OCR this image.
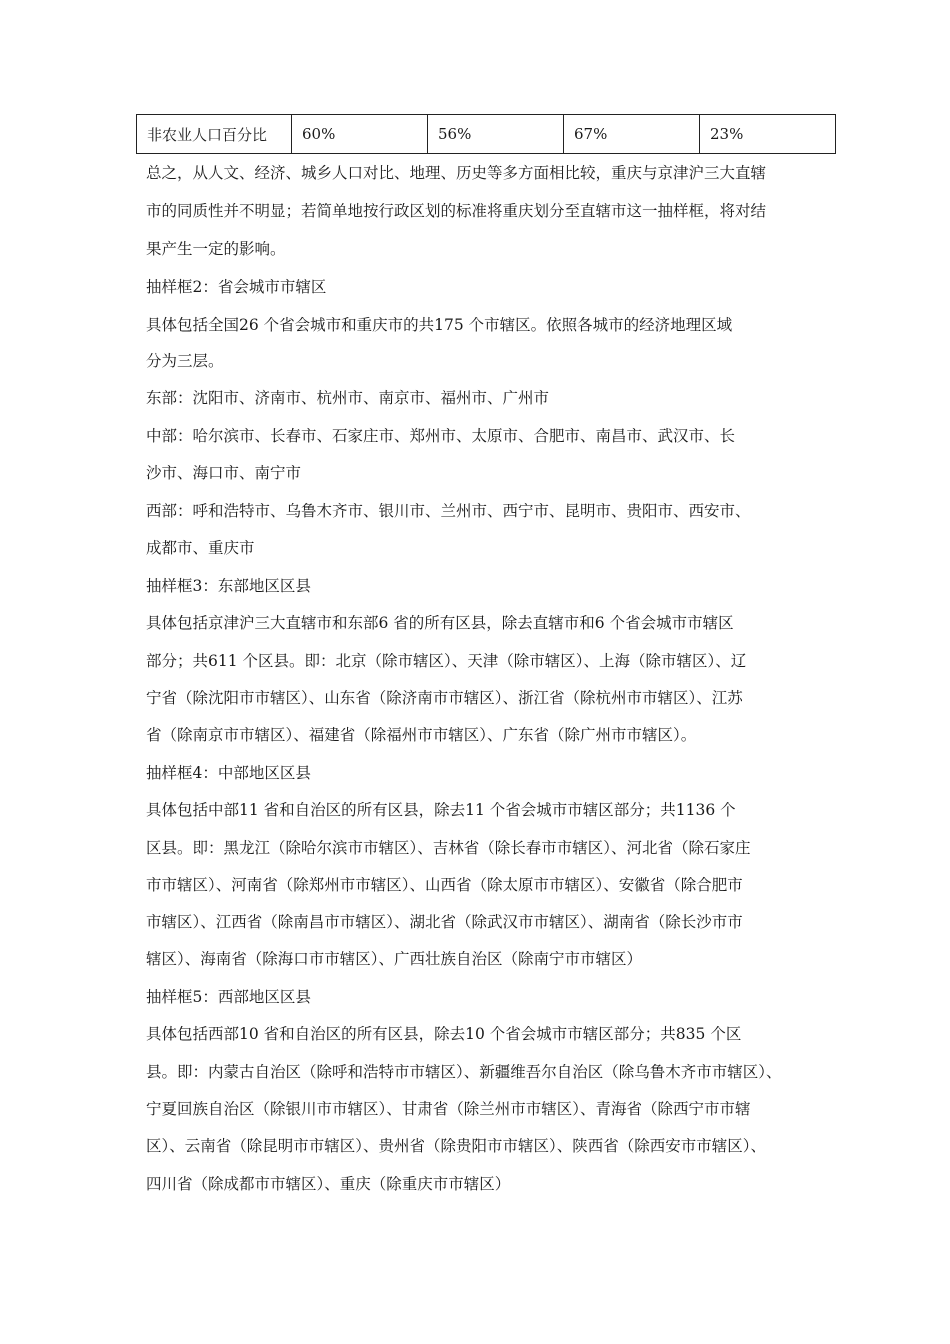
非农业人口百分比	60%	56%	67%	23%
总之，从人文、经济、城乡人口对比、地理、历史等多方面相比较，重庆与京津沪三大直辖
市的同质性并不明显；若简单地按行政区划的标准将重庆划分至直辖市这一抽样框，将对结
果产生一定的影响。
抽样框2：省会城市市辖区
具体包括全国26 个省会城市和重庆市的共175 个市辖区。依照各城市的经济地理区域
分为三层。
东部：沈阳市、济南市、杭州市、南京市、福州市、广州市
中部：哈尔滨市、长春市、石家庄市、郑州市、太原市、合肥市、南昌市、武汉市、长
沙市、海口市、南宁市
西部：呼和浩特市、乌鲁木齐市、银川市、兰州市、西宁市、昆明市、贵阳市、西安市、
成都市、重庆市
抽样框3：东部地区区县
具体包括京津沪三大直辖市和东部6 省的所有区县，除去直辖市和6 个省会城市市辖区
部分；共611 个区县。即：北京（除市辖区）、天津（除市辖区）、上海（除市辖区）、辽
宁省（除沈阳市市辖区）、山东省（除济南市市辖区）、浙江省（除杭州市市辖区）、江苏
省（除南京市市辖区）、福建省（除福州市市辖区）、广东省（除广州市市辖区）。
抽样框4：中部地区区县
具体包括中部11 省和自治区的所有区县，除去11 个省会城市市辖区部分；共1136 个
区县。即：黑龙江（除哈尔滨市市辖区）、吉林省（除长春市市辖区）、河北省（除石家庄
市市辖区）、河南省（除郑州市市辖区）、山西省（除太原市市辖区）、安徽省（除合肥市
市辖区）、江西省（除南昌市市辖区）、湖北省（除武汉市市辖区）、湖南省（除长沙市市
辖区）、海南省（除海口市市辖区）、广西壮族自治区（除南宁市市辖区）
抽样框5：西部地区区县
具体包括西部10 省和自治区的所有区县，除去10 个省会城市市辖区部分；共835 个区
县。即：内蒙古自治区（除呼和浩特市市辖区）、新疆维吾尔自治区（除乌鲁木齐市市辖区）、
宁夏回族自治区（除银川市市辖区）、甘肃省（除兰州市市辖区）、青海省（除西宁市市辖
区）、云南省（除昆明市市辖区）、贵州省（除贵阳市市辖区）、陕西省（除西安市市辖区）、
四川省（除成都市市辖区）、重庆（除重庆市市辖区）
